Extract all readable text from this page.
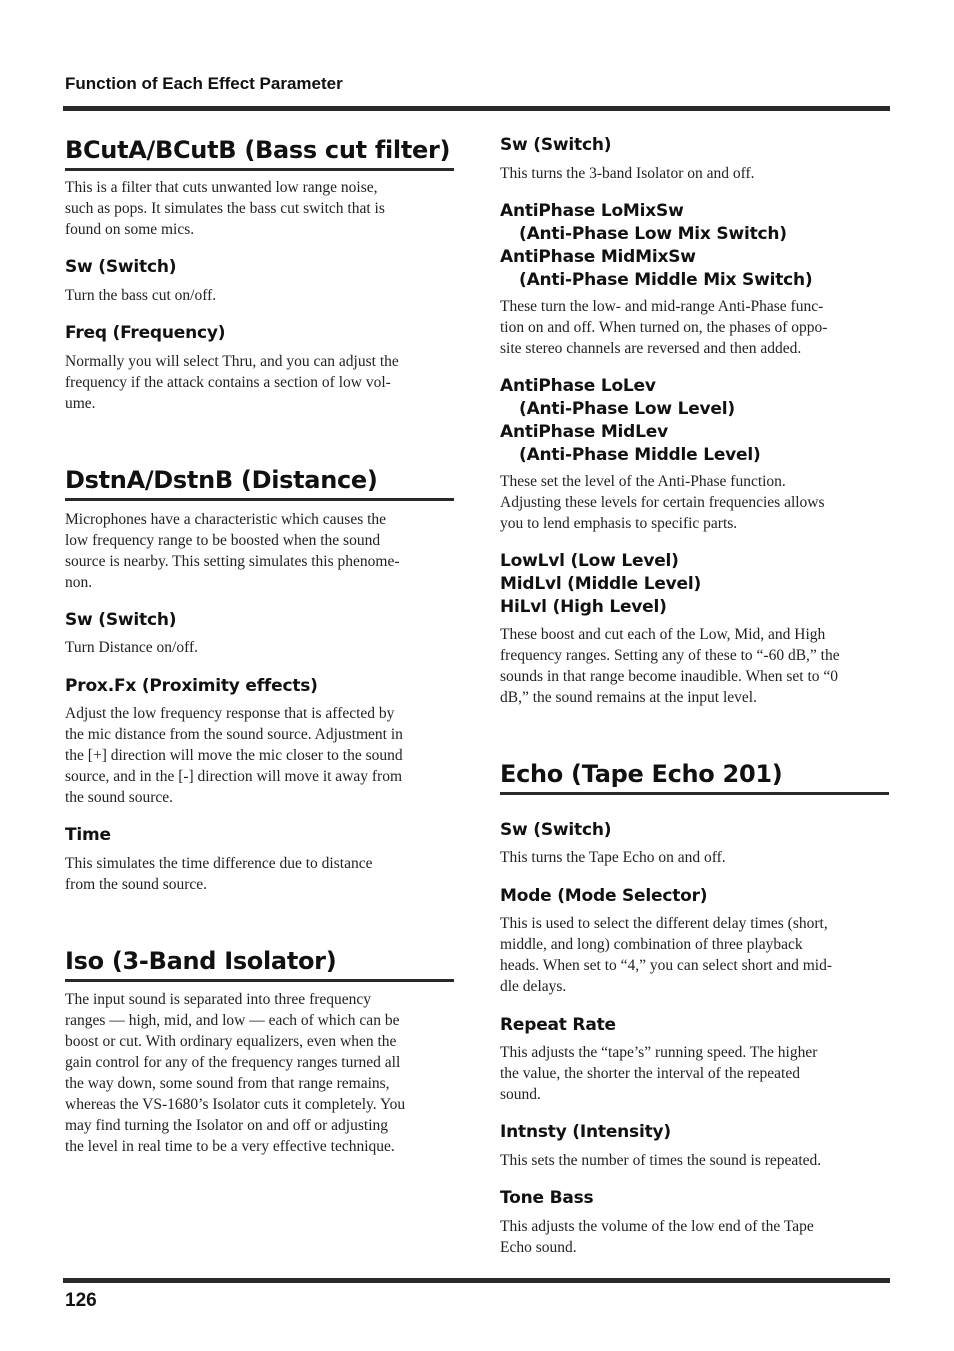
Function of Each Effect Parameter
BCutA/BCutB (Bass cut filter)

This is a filter that cuts unwanted low range noise,
such as pops. It simulates the bass cut switch that is
found on some mics.

Sw (Switch)

Turn the bass cut on/off.

Freq (Frequency)

Normally you will select Thru, and you can adjust the
frequency if the attack contains a section of low vol-
ume.

DstnA/DstnB (Distance)

Microphones have a characteristic which causes the
low frequency range to be boosted when the sound
source is nearby. This setting simulates this phenome-
non.

Sw (Switch)

Turn Distance on/off.

Prox.Fx (Proximity effects)

Adjust the low frequency response that is affected by
the mic distance from the sound source. Adjustment in
the [+] direction will move the mic closer to the sound
source, and in the [-] direction will move it away from
the sound source.

Time

This simulates the time difference due to distance
from the sound source.

Iso (3-Band Isolator)

The input sound is separated into three frequency
ranges — high, mid, and low — each of which can be
boost or cut. With ordinary equalizers, even when the
gain control for any of the frequency ranges turned all
the way down, some sound from that range remains,
whereas the VS-1680’s Isolator cuts it completely. You
may find turning the Isolator on and off or adjusting
the level in real time to be a very effective technique.

Sw (Switch)

This turns the 3-band Isolator on and off.

AntiPhase LoMixSw
(Anti-Phase Low Mix Switch)
AntiPhase MidMixSw
(Anti-Phase Middle Mix Switch)

These turn the low- and mid-range Anti-Phase func-
tion on and off. When turned on, the phases of oppo-
site stereo channels are reversed and then added.

AntiPhase LoLev
(Anti-Phase Low Level)
AntiPhase MidLev
(Anti-Phase Middle Level)

These set the level of the Anti-Phase function.
Adjusting these levels for certain frequencies allows
you to lend emphasis to specific parts.

LowLvl (Low Level)
MidLvl (Middle Level)
HiLvl (High Level)

These boost and cut each of the Low, Mid, and High
frequency ranges. Setting any of these to “-60 dB,” the
sounds in that range become inaudible. When set to “0
dB,” the sound remains at the input level.

Echo (Tape Echo 201)
Sw (Switch)

This turns the Tape Echo on and off.

Mode (Mode Selector)

This is used to select the different delay times (short,
middle, and long) combination of three playback
heads. When set to “4,” you can select short and mid-
dle delays.

Repeat Rate

This adjusts the “tape’s” running speed. The higher
the value, the shorter the interval of the repeated
sound.

Intnsty (Intensity)

This sets the number of times the sound is repeated.

Tone Bass

This adjusts the volume of the low end of the Tape
Echo sound.

126
